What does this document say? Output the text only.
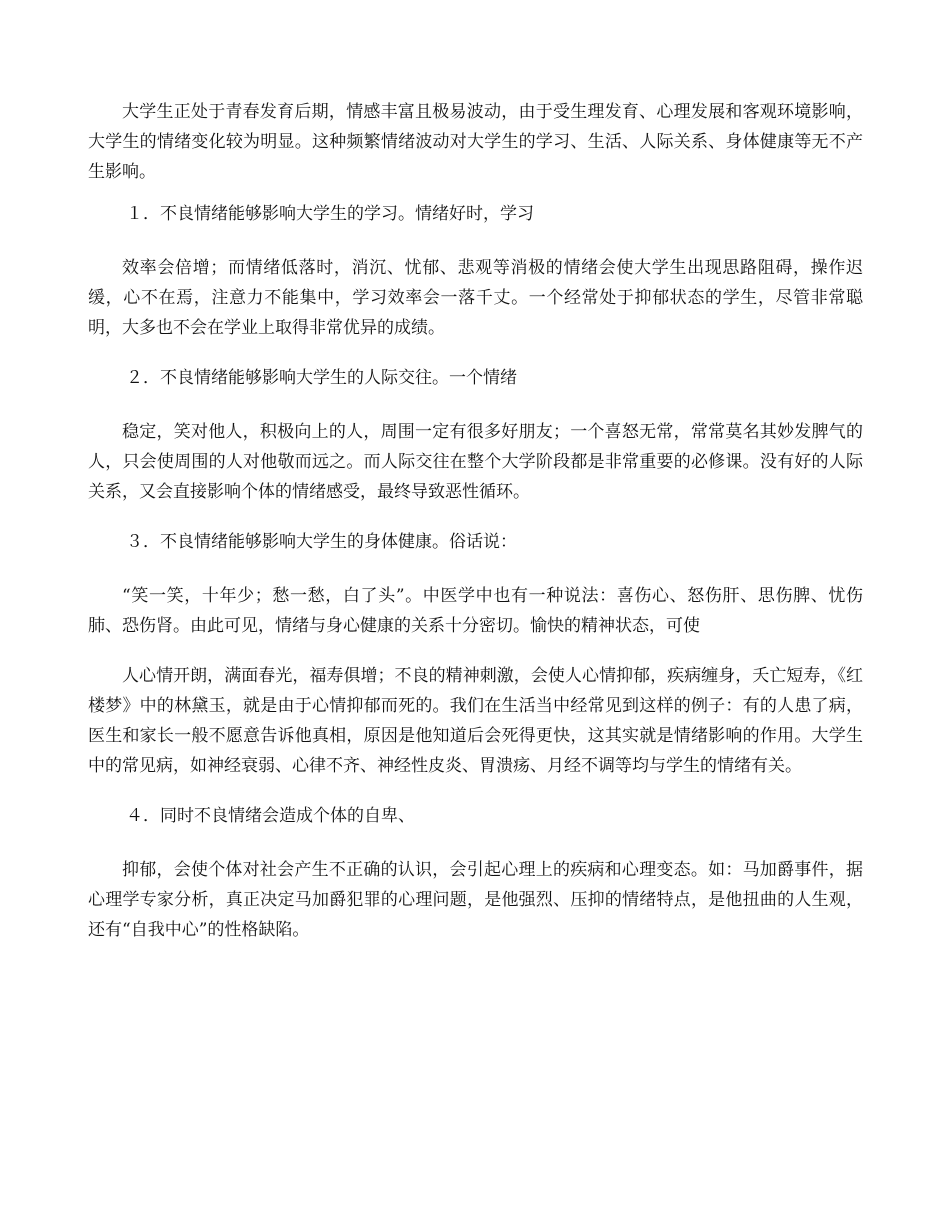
大学生正处于青春发育后期，情感丰富且极易波动，由于受生理发育、心理发展和客观环境影响，大学生的情绪变化较为明显。这种频繁情绪波动对大学生的学习、生活、人际关系、身体健康等无不产生影响。

１．不良情绪能够影响大学生的学习。情绪好时，学习

效率会倍增；而情绪低落时，消沉、忧郁、悲观等消极的情绪会使大学生出现思路阻碍，操作迟缓，心不在焉，注意力不能集中，学习效率会一落千丈。一个经常处于抑郁状态的学生，尽管非常聪明，大多也不会在学业上取得非常优异的成绩。

２．不良情绪能够影响大学生的人际交往。一个情绪

稳定，笑对他人，积极向上的人，周围一定有很多好朋友；一个喜怒无常，常常莫名其妙发脾气的人，只会使周围的人对他敬而远之。而人际交往在整个大学阶段都是非常重要的必修课。没有好的人际关系，又会直接影响个体的情绪感受，最终导致恶性循环。

３．不良情绪能够影响大学生的身体健康。俗话说：

“笑一笑，十年少；愁一愁，白了头”。中医学中也有一种说法：喜伤心、怒伤肝、思伤脾、忧伤肺、恐伤肾。由此可见，情绪与身心健康的关系十分密切。愉快的精神状态，可使

人心情开朗，满面春光，福寿俱增；不良的精神刺激，会使人心情抑郁，疾病缠身，夭亡短寿，《红楼梦》中的林黛玉，就是由于心情抑郁而死的。我们在生活当中经常见到这样的例子：有的人患了病，医生和家长一般不愿意告诉他真相，原因是他知道后会死得更快，这其实就是情绪影响的作用。大学生中的常见病，如神经衰弱、心律不齐、神经性皮炎、胃溃疡、月经不调等均与学生的情绪有关。

４．同时不良情绪会造成个体的自卑、

抑郁，会使个体对社会产生不正确的认识，会引起心理上的疾病和心理变态。如：马加爵事件，据心理学专家分析，真正决定马加爵犯罪的心理问题，是他强烈、压抑的情绪特点，是他扭曲的人生观，还有“自我中心”的性格缺陷。
